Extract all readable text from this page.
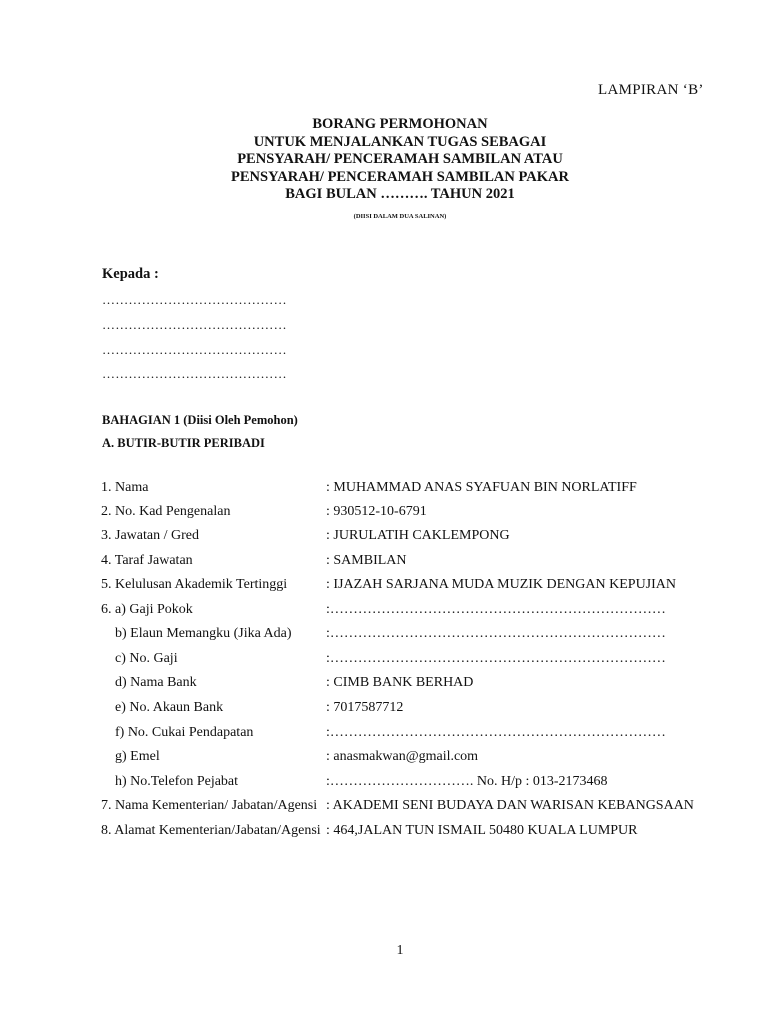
LAMPIRAN ‘B’
BORANG PERMOHONAN
UNTUK MENJALANKAN TUGAS SEBAGAI
PENSYARAH/ PENCERAMAH SAMBILAN ATAU
PENSYARAH/ PENCERAMAH SAMBILAN PAKAR
BAGI BULAN ………. TAHUN 2021
(DIISI DALAM DUA SALINAN)
Kepada :
……………………………………
……………………………………
……………………………………
……………………………………
BAHAGIAN 1 (Diisi Oleh Pemohon)
A. BUTIR-BUTIR PERIBADI
1. Nama	: MUHAMMAD ANAS SYAFUAN BIN NORLATIFF
2. No. Kad Pengenalan	: 930512-10-6791
3. Jawatan / Gred	: JURULATIH CAKLEMPONG
4. Taraf Jawatan	: SAMBILAN
5. Kelulusan Akademik Tertinggi	: IJAZAH SARJANA MUDA MUZIK DENGAN KEPUJIAN
6. a) Gaji Pokok	:………………………………………………………………
b) Elaun Memangku (Jika Ada) :………………………………………………………………
c) No. Gaji	:………………………………………………………………
d) Nama Bank	: CIMB BANK BERHAD
e) No. Akaun Bank	: 7017587712
f) No. Cukai Pendapatan	:………………………………………………………………
g) Emel	: anasmakwan@gmail.com
h) No.Telefon Pejabat	:…………………………. No. H/p : 013-2173468
7. Nama Kementerian/ Jabatan/Agensi : AKADEMI SENI BUDAYA DAN WARISAN KEBANGSAAN
8. Alamat Kementerian/Jabatan/Agensi : 464,JALAN TUN ISMAIL 50480 KUALA LUMPUR
1
